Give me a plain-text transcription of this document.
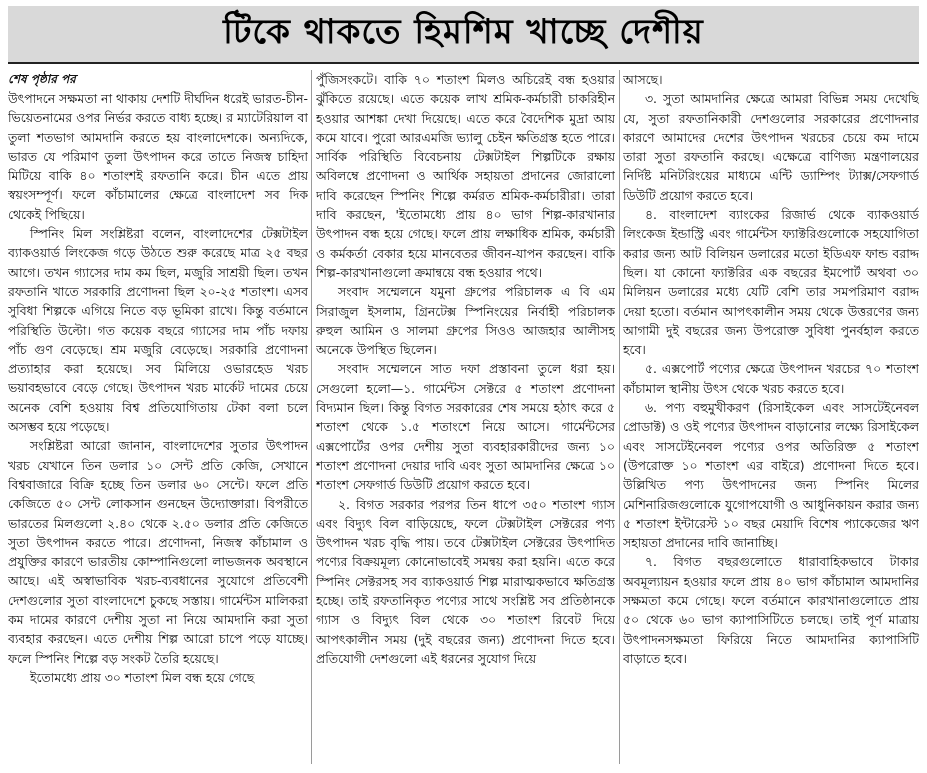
টিকে থাকতে হিমশিম খাচ্ছে দেশীয়
শেষ পৃষ্ঠার পর

উৎপাদনে সক্ষমতা না থাকায় দেশটি দীর্ঘদিন ধরেই ভারত-চীন-ভিয়েতনামের ওপর নির্ভর করতে বাধ্য হচ্ছে। র ম্যাটেরিয়াল বা তুলা শতভাগ আমদানি করতে হয় বাংলাদেশকে। অন্যদিকে, ভারত যে পরিমাণ তুলা উৎপাদন করে তাতে নিজস্ব চাহিদা মিটিয়ে বাকি ৪০ শতাংশই রফতানি করে। চীন এতে প্রায় স্বয়ংসম্পূর্ণ। ফলে কাঁচামালের ক্ষেত্রে বাংলাদেশ সব দিক থেকেই পিছিয়ে।

স্পিনিং মিল সংশ্লিষ্টরা বলেন, বাংলাদেশের টেক্সটাইল ব্যাকওয়ার্ড লিংকেজ গড়ে উঠতে শুরু করেছে মাত্র ২৫ বছর আগে। তখন গ্যাসের দাম কম ছিল, মজুরি সাশ্রয়ী ছিল। তখন রফতানি খাতে সরকারি প্রণোদনা ছিল ২০-২৫ শতাংশ। এসব সুবিধা শিল্পকে এগিয়ে নিতে বড় ভূমিকা রাখে। কিন্তু বর্তমানে পরিস্থিতি উল্টো। গত কয়েক বছরে গ্যাসের দাম পাঁচ দফায় পাঁচ গুণ বেড়েছে। শ্রম মজুরি বেড়েছে। সরকারি প্রণোদনা প্রত্যাহার করা হয়েছে। সব মিলিয়ে ওভারহেড খরচ ভয়াবহভাবে বেড়ে গেছে। উৎপাদন খরচ মার্কেট দামের চেয়ে অনেক বেশি হওয়ায় বিশ্ব প্রতিযোগিতায় টেকা বলা চলে অসম্ভব হয়ে পড়েছে।

সংশ্লিষ্টরা আরো জানান, বাংলাদেশের সুতার উৎপাদন খরচ যেখানে তিন ডলার ১০ সেন্ট প্রতি কেজি, সেখানে বিশ্ববাজারে বিক্রি হচ্ছে তিন ডলার ৬০ সেন্টে। ফলে প্রতি কেজিতে ৫০ সেন্ট লোকসান গুনছেন উদ্যোক্তারা। বিপরীতে ভারতের মিলগুলো ২.৪০ থেকে ২.৫০ ডলার প্রতি কেজিতে সুতা উৎপাদন করতে পারে। প্রণোদনা, নিজস্ব কাঁচামাল ও প্রযুক্তির কারণে ভারতীয় কোম্পানিগুলো লাভজনক অবস্থানে আছে। এই অস্বাভাবিক খরচ-ব্যবধানের সুযোগে প্রতিবেশী দেশগুলোর সুতা বাংলাদেশে চুকছে সস্তায়। গার্মেন্টস মালিকরা কম দামের কারণে দেশীয় সুতা না নিয়ে আমদানি করা সুতা ব্যবহার করছেন। এতে দেশীয় শিল্প আরো চাপে পড়ে যাচ্ছে। ফলে স্পিনিং শিল্পে বড় সংকট তৈরি হয়েছে।

ইতোমধ্যে প্রায় ৩০ শতাংশ মিল বন্ধ হয়ে গেছে

পুঁজিসংকটে। বাকি ৭০ শতাংশ মিলও অচিরেই বন্ধ হওয়ার ঝুঁকিতে রয়েছে। এতে কয়েক লাখ শ্রমিক-কর্মচারী চাকরিহীন হওয়ার আশঙ্কা দেখা দিয়েছে। এতে করে বৈদেশিক মুদ্রা আয় কমে যাবে। পুরো আরএমজি ভ্যালু চেইন ক্ষতিগ্রস্ত হতে পারে। সার্বিক পরিস্থিতি বিবেচনায় টেক্সটাইল শিল্পটিকে রক্ষায় অবিলম্বে প্রণোদনা ও আর্থিক সহায়তা প্রদানের জোরালো দাবি করেছেন স্পিনিং শিল্পে কর্মরত শ্রমিক-কর্মচারীরা। তারা দাবি করছেন, 'ইতোমধ্যে প্রায় ৪০ ভাগ শিল্প-কারখানার উৎপাদন বন্ধ হয়ে গেছে। ফলে প্রায় লক্ষাধিক শ্রমিক, কর্মচারী ও কর্মকর্তা বেকার হয়ে মানবেতর জীবন-যাপন করছেন। বাকি শিল্প-কারখানাগুলো ক্রমান্বয়ে বন্ধ হওয়ার পথে।

সংবাদ সম্মেলনে যমুনা গ্রুপের পরিচালক এ বি এম সিরাজুল ইসলাম, গ্রিনটেক্স স্পিনিংয়ের নির্বাহী পরিচালক রুহুল আমিন ও সালমা গ্রুপের সিওও আজহার আলীসহ অনেকে উপস্থিত ছিলেন।

সংবাদ সম্মেলনে সাত দফা প্রস্তাবনা তুলে ধরা হয়। সেগুলো হলো—১. গার্মেন্টস সেক্টরে ৫ শতাংশ প্রণোদনা বিদ্যমান ছিল। কিন্তু বিগত সরকারের শেষ সময়ে হঠাৎ করে ৫ শতাংশ থেকে ১.৫ শতাংশে নিয়ে আসে। গার্মেন্টসের এক্সপোর্টের ওপর দেশীয় সুতা ব্যবহারকারীদের জন্য ১০ শতাংশ প্রণোদনা দেয়ার দাবি এবং সুতা আমদানির ক্ষেত্রে ১০ শতাংশ সেফগার্ড ডিউটি প্রয়োগ করতে হবে।

২. বিগত সরকার পরপর তিন ধাপে ৩৫০ শতাংশ গ্যাস এবং বিদ্যুৎ বিল বাড়িয়েছে, ফলে টেক্সটাইল সেক্টরের পণ্য উৎপাদন খরচ বৃদ্ধি পায়। তবে টেক্সটাইল সেক্টরের উৎপাদিত পণ্যের বিক্রয়মূল্য কোনোভাবেই সমন্বয় করা হয়নি। এতে করে স্পিনিং সেক্টরসহ সব ব্যাকওয়ার্ড শিল্প মারাত্মকভাবে ক্ষতিগ্রস্ত হচ্ছে। তাই রফতানিকৃত পণ্যের সাথে সংশ্লিষ্ট সব প্রতিষ্ঠানকে গ্যাস ও বিদ্যুৎ বিল থেকে ৩০ শতাংশ রিবেট দিয়ে আপৎকালীন সময় (দুই বছরের জন্য) প্রণোদনা দিতে হবে। প্রতিযোগী দেশগুলো এই ধরনের সুযোগ দিয়ে

আসছে।

৩. সুতা আমদানির ক্ষেত্রে আমরা বিভিন্ন সময় দেখেছি যে, সুতা রফতানিকারী দেশগুলোর সরকারের প্রণোদনার কারণে আমাদের দেশের উৎপাদন খরচের চেয়ে কম দামে তারা সুতা রফতানি করছে। এক্ষেত্রে বাণিজ্য মন্ত্রণালয়ের নির্দিষ্ট মনিটরিংয়ের মাধ্যমে এন্টি ড্যাম্পিং ট্যাক্স/সেফগার্ড ডিউটি প্রয়োগ করতে হবে।

৪. বাংলাদেশ ব্যাংকের রিজার্ভ থেকে ব্যাকওয়ার্ড লিংকেজ ইন্ডাস্ট্রি এবং গার্মেন্টস ফ্যাক্টরিগুলোকে সহযোগিতা করার জন্য আট বিলিয়ন ডলারের মতো ইডিএফ ফান্ড বরাদ্দ ছিল। যা কোনো ফ্যাক্টরির এক বছরের ইমপোর্ট অথবা ৩০ মিলিয়ন ডলারের মধ্যে যেটি বেশি তার সমপরিমাণ বরাদ্দ দেয়া হতো। বর্তমান আপৎকালীন সময় থেকে উত্তরণের জন্য আগামী দুই বছরের জন্য উপরোক্ত সুবিধা পুনর্বহাল করতে হবে।

৫. এক্সপোর্ট পণ্যের ক্ষেত্রে উৎপাদন খরচের ৭০ শতাংশ কাঁচামাল স্থানীয় উৎস থেকে খরচ করতে হবে।

৬. পণ্য বহুমুখীকরণ (রিসাইকেল এবং সাসটেইনেবল প্রোডাক্ট) ও ওই পণ্যের উৎপাদন বাড়ানোর লক্ষ্যে রিসাইকেল এবং সাসটেইনেবল পণ্যের ওপর অতিরিক্ত ৫ শতাংশ (উপরোক্ত ১০ শতাংশ এর বাইরে) প্রণোদনা দিতে হবে। উল্লিখিত পণ্য উৎপাদনের জন্য স্পিনিং মিলের মেশিনারিজগুলোকে যুগোপযোগী ও আধুনিকায়ন করার জন্য ৫ শতাংশ ইন্টারেস্ট ১০ বছর মেয়াদি বিশেষ প্যাকেজের ঋণ সহায়তা প্রদানের দাবি জানাচ্ছি।

৭. বিগত বছরগুলোতে ধারাবাহিকভাবে টাকার অবমূল্যায়ন হওয়ার ফলে প্রায় ৪০ ভাগ কাঁচামাল আমদানির সক্ষমতা কমে গেছে। ফলে বর্তমানে কারখানাগুলোতে প্রায় ৫০ থেকে ৬০ ভাগ ক্যাপাসিটিতে চলছে। তাই পূর্ণ মাত্রায় উৎপাদনসক্ষমতা ফিরিয়ে নিতে আমদানির ক্যাপাসিটি বাড়াতে হবে।
